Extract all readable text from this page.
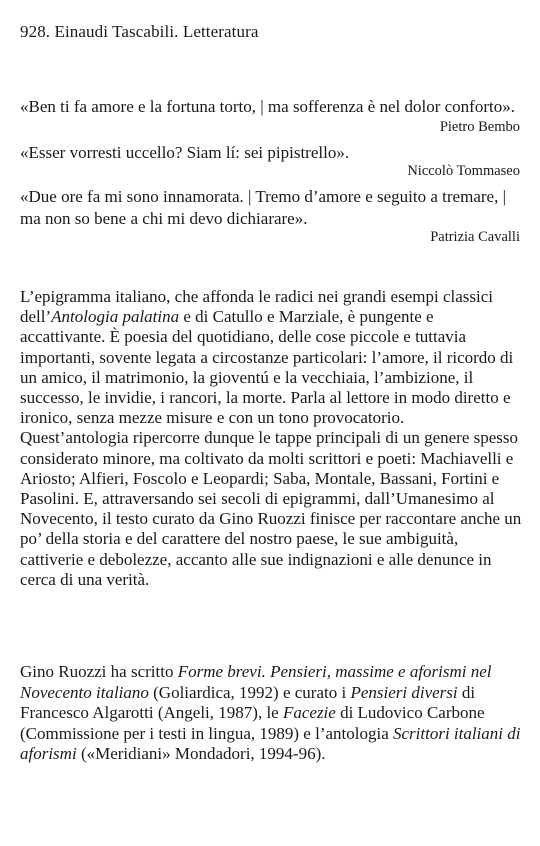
928. Einaudi Tascabili. Letteratura
«Ben ti fa amore e la fortuna torto, | ma sofferenza è nel dolor conforto».
Pietro Bembo
«Esser vorresti uccello? Siam lí: sei pipistrello».
Niccolò Tommaseo
«Due ore fa mi sono innamorata. | Tremo d’amore e seguito a tremare, | ma non so bene a chi mi devo dichiarare».
Patrizia Cavalli

L’epigramma italiano, che affonda le radici nei grandi esempi classici dell’Antologia palatina e di Catullo e Marziale, è pungente e accattivante. È poesia del quotidiano, delle cose piccole e tuttavia importanti, sovente legata a circostanze particolari: l’amore, il ricordo di un amico, il matrimonio, la gioventú e la vecchiaia, l’ambizione, il successo, le invidie, i rancori, la morte. Parla al lettore in modo diretto e ironico, senza mezze misure e con un tono provocatorio.

Quest’antologia ripercorre dunque le tappe principali di un genere spesso considerato minore, ma coltivato da molti scrittori e poeti: Machiavelli e Ariosto; Alfieri, Foscolo e Leopardi; Saba, Montale, Bassani, Fortini e Pasolini. E, attraversando sei secoli di epigrammi, dall’Umanesimo al Novecento, il testo curato da Gino Ruozzi finisce per raccontare anche un po’ della storia e del carattere del nostro paese, le sue ambiguità, cattiverie e debolezze, accanto alle sue indignazioni e alle denunce in cerca di una verità.

Gino Ruozzi ha scritto Forme brevi. Pensieri, massime e aforismi nel Novecento italiano (Goliardica, 1992) e curato i Pensieri diversi di Francesco Algarotti (Angeli, 1987), le Facezie di Ludovico Carbone (Commissione per i testi in lingua, 1989) e l’antologia Scrittori italiani di aforismi («Meridiani» Mondadori, 1994-96).
